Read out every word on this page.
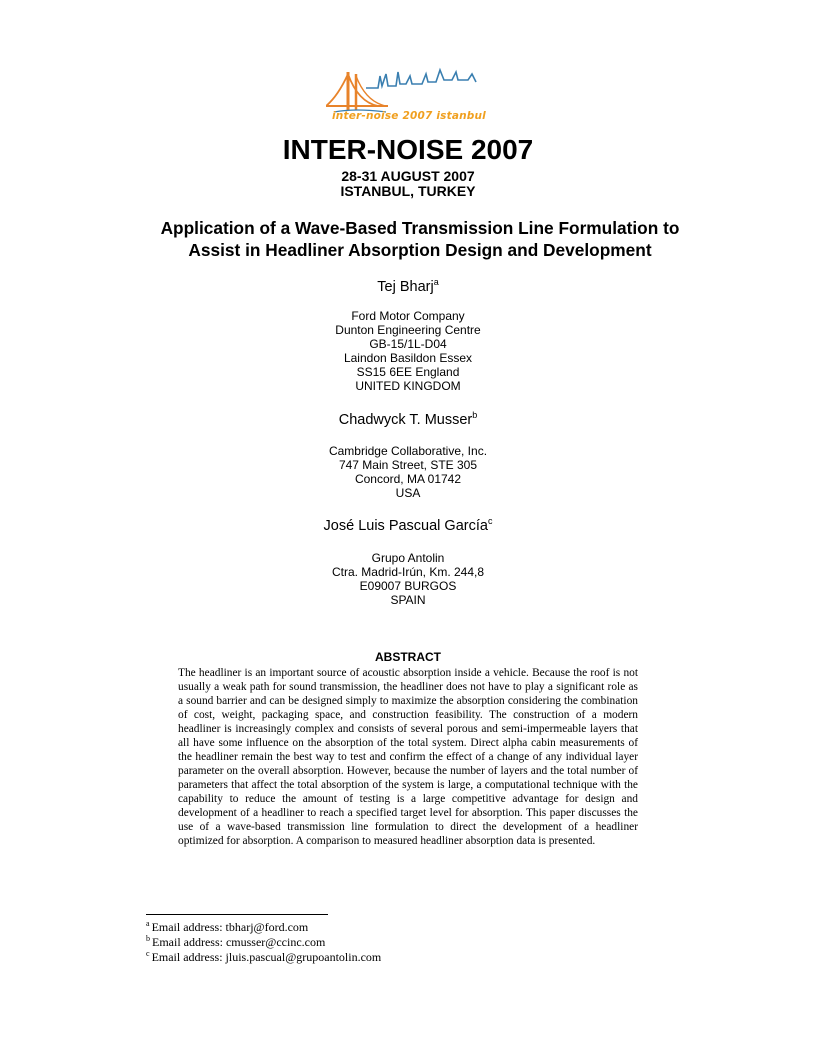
inter-noise 2007 istanbul
INTER-NOISE 2007
28-31 AUGUST 2007
ISTANBUL, TURKEY
Application of a Wave-Based Transmission Line Formulation to
Assist in Headliner Absorption Design and Development
Tej Bharj$^a$
Ford Motor Company
Dunton Engineering Centre
GB-15/1L-D04
Laindon Basildon Essex
SS15 6EE England
UNITED KINGDOM
Chadwyck T. Musser$^b$
Cambridge Collaborative, Inc.
747 Main Street, STE 305
Concord, MA 01742
USA
José Luis Pascual García$^c$
Grupo Antolin
Ctra. Madrid-Irún, Km. 244,8
E09007 BURGOS
SPAIN
ABSTRACT
The headliner is an important source of acoustic absorption inside a vehicle. Because the roof is not usually a weak path for sound transmission, the headliner does not have to play a significant role as a sound barrier and can be designed simply to maximize the absorption considering the combination of cost, weight, packaging space, and construction feasibility. The construction of a modern headliner is increasingly complex and consists of several porous and semi-impermeable layers that all have some influence on the absorption of the total system. Direct alpha cabin measurements of the headliner remain the best way to test and confirm the effect of a change of any individual layer parameter on the overall absorption. However, because the number of layers and the total number of parameters that affect the total absorption of the system is large, a computational technique with the capability to reduce the amount of testing is a large competitive advantage for design and development of a headliner to reach a specified target level for absorption. This paper discusses the use of a wave-based transmission line formulation to direct the development of a headliner optimized for absorption. A comparison to measured headliner absorption data is presented.
$^a$ Email address: tbharj@ford.com
$^b$ Email address: cmusser@ccinc.com
$^c$ Email address: jluis.pascual@grupoantolin.com
